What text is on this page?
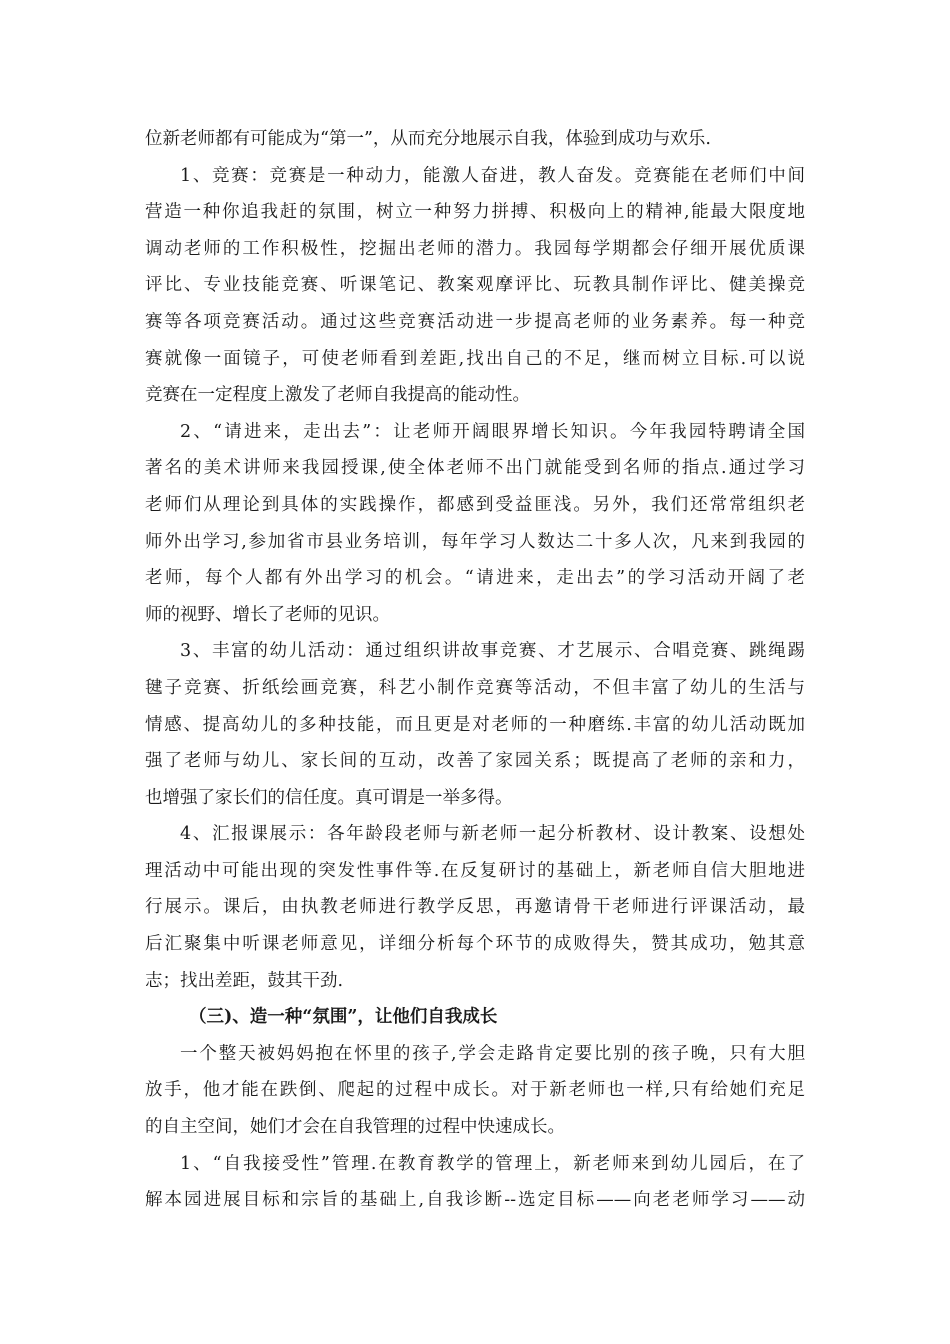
位新老师都有可能成为“第一”，从而充分地展示自我，体验到成功与欢乐.
1、竞赛：竞赛是一种动力，能激人奋进，教人奋发。竞赛能在老师们中间
营造一种你追我赶的氛围，树立一种努力拼搏、积极向上的精神,能最大限度地
调动老师的工作积极性，挖掘出老师的潜力。我园每学期都会仔细开展优质课
评比、专业技能竞赛、听课笔记、教案观摩评比、玩教具制作评比、健美操竞
赛等各项竞赛活动。通过这些竞赛活动进一步提高老师的业务素养。每一种竞
赛就像一面镜子，可使老师看到差距,找出自己的不足，继而树立目标.可以说
竞赛在一定程度上激发了老师自我提高的能动性。
2、“请进来，走出去”：让老师开阔眼界增长知识。今年我园特聘请全国
著名的美术讲师来我园授课,使全体老师不出门就能受到名师的指点.通过学习
老师们从理论到具体的实践操作，都感到受益匪浅。另外，我们还常常组织老
师外出学习,参加省市县业务培训，每年学习人数达二十多人次，凡来到我园的
老师，每个人都有外出学习的机会。“请进来，走出去”的学习活动开阔了老
师的视野、增长了老师的见识。
3、丰富的幼儿活动：通过组织讲故事竞赛、才艺展示、合唱竞赛、跳绳踢
毽子竞赛、折纸绘画竞赛，科艺小制作竞赛等活动，不但丰富了幼儿的生活与
情感、提高幼儿的多种技能，而且更是对老师的一种磨练.丰富的幼儿活动既加
强了老师与幼儿、家长间的互动，改善了家园关系；既提高了老师的亲和力，
也增强了家长们的信任度。真可谓是一举多得。
4、汇报课展示：各年龄段老师与新老师一起分析教材、设计教案、设想处
理活动中可能出现的突发性事件等.在反复研讨的基础上，新老师自信大胆地进
行展示。课后，由执教老师进行教学反思，再邀请骨干老师进行评课活动，最
后汇聚集中听课老师意见，详细分析每个环节的成败得失，赞其成功，勉其意
志；找出差距，鼓其干劲.
（三)、造一种“氛围”，让他们自我成长
一个整天被妈妈抱在怀里的孩子,学会走路肯定要比别的孩子晚，只有大胆
放手，他才能在跌倒、爬起的过程中成长。对于新老师也一样,只有给她们充足
的自主空间，她们才会在自我管理的过程中快速成长。
1、“自我接受性”管理.在教育教学的管理上，新老师来到幼儿园后，在了
解本园进展目标和宗旨的基础上,自我诊断--选定目标——向老老师学习——动
